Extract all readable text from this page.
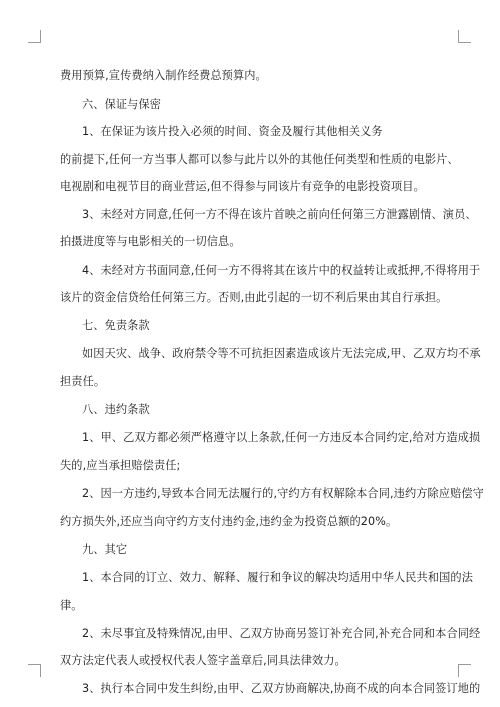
费用预算,宣传费纳入制作经费总预算内。
六、保证与保密
1、在保证为该片投入必须的时间、资金及履行其他相关义务
的前提下,任何一方当事人都可以参与此片以外的其他任何类型和性质的电影片、
电视剧和电视节目的商业营运,但不得参与同该片有竞争的电影投资项目。
3、未经对方同意,任何一方不得在该片首映之前向任何第三方泄露剧情、演员、
拍摄进度等与电影相关的一切信息。
4、未经对方书面同意,任何一方不得将其在该片中的权益转让或抵押,不得将用于
该片的资金信贷给任何第三方。否则,由此引起的一切不利后果由其自行承担。
七、免责条款
如因天灾、战争、政府禁令等不可抗拒因素造成该片无法完成,甲、乙双方均不承
担责任。
八、违约条款
1、甲、乙双方都必须严格遵守以上条款,任何一方违反本合同约定,给对方造成损
失的,应当承担赔偿责任;
2、因一方违约,导致本合同无法履行的,守约方有权解除本合同,违约方除应赔偿守
约方损失外,还应当向守约方支付违约金,违约金为投资总额的20%。
九、其它
1、本合同的订立、效力、解释、履行和争议的解决均适用中华人民共和国的法
律。
2、未尽事宜及特殊情况,由甲、乙双方协商另签订补充合同,补充合同和本合同经
双方法定代表人或授权代表人签字盖章后,同具法律效力。
3、执行本合同中发生纠纷,由甲、乙双方协商解决,协商不成的向本合同签订地的
